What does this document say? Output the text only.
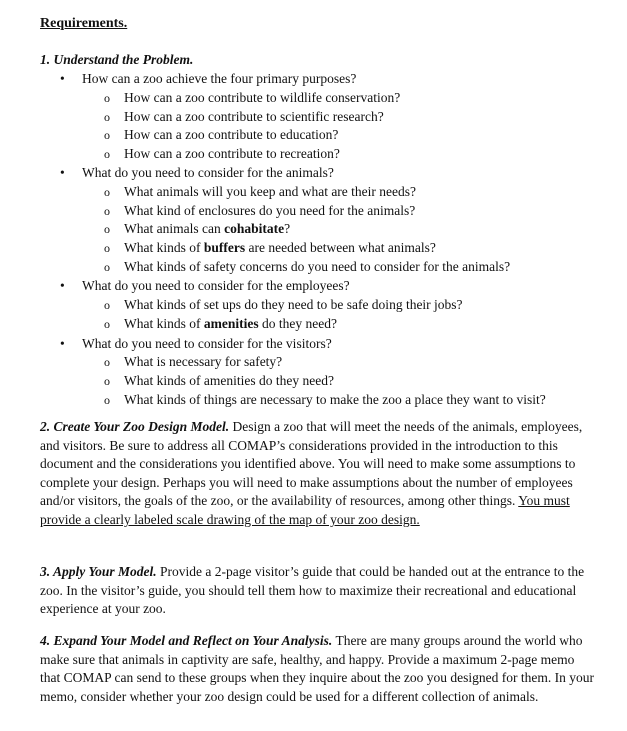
Requirements.
1. Understand the Problem.
• How can a zoo achieve the four primary purposes?
o How can a zoo contribute to wildlife conservation?
o How can a zoo contribute to scientific research?
o How can a zoo contribute to education?
o How can a zoo contribute to recreation?
• What do you need to consider for the animals?
o What animals will you keep and what are their needs?
o What kind of enclosures do you need for the animals?
o What animals can cohabitate?
o What kinds of buffers are needed between what animals?
o What kinds of safety concerns do you need to consider for the animals?
• What do you need to consider for the employees?
o What kinds of set ups do they need to be safe doing their jobs?
o What kinds of amenities do they need?
• What do you need to consider for the visitors?
o What is necessary for safety?
o What kinds of amenities do they need?
o What kinds of things are necessary to make the zoo a place they want to visit?
2. Create Your Zoo Design Model. Design a zoo that will meet the needs of the animals, employees, and visitors. Be sure to address all COMAP’s considerations provided in the introduction to this document and the considerations you identified above. You will need to make some assumptions to complete your design. Perhaps you will need to make assumptions about the number of employees and/or visitors, the goals of the zoo, or the availability of resources, among other things. You must provide a clearly labeled scale drawing of the map of your zoo design.
3. Apply Your Model. Provide a 2-page visitor’s guide that could be handed out at the entrance to the zoo. In the visitor’s guide, you should tell them how to maximize their recreational and educational experience at your zoo.
4. Expand Your Model and Reflect on Your Analysis. There are many groups around the world who make sure that animals in captivity are safe, healthy, and happy. Provide a maximum 2-page memo that COMAP can send to these groups when they inquire about the zoo you designed for them. In your memo, consider whether your zoo design could be used for a different collection of animals.
